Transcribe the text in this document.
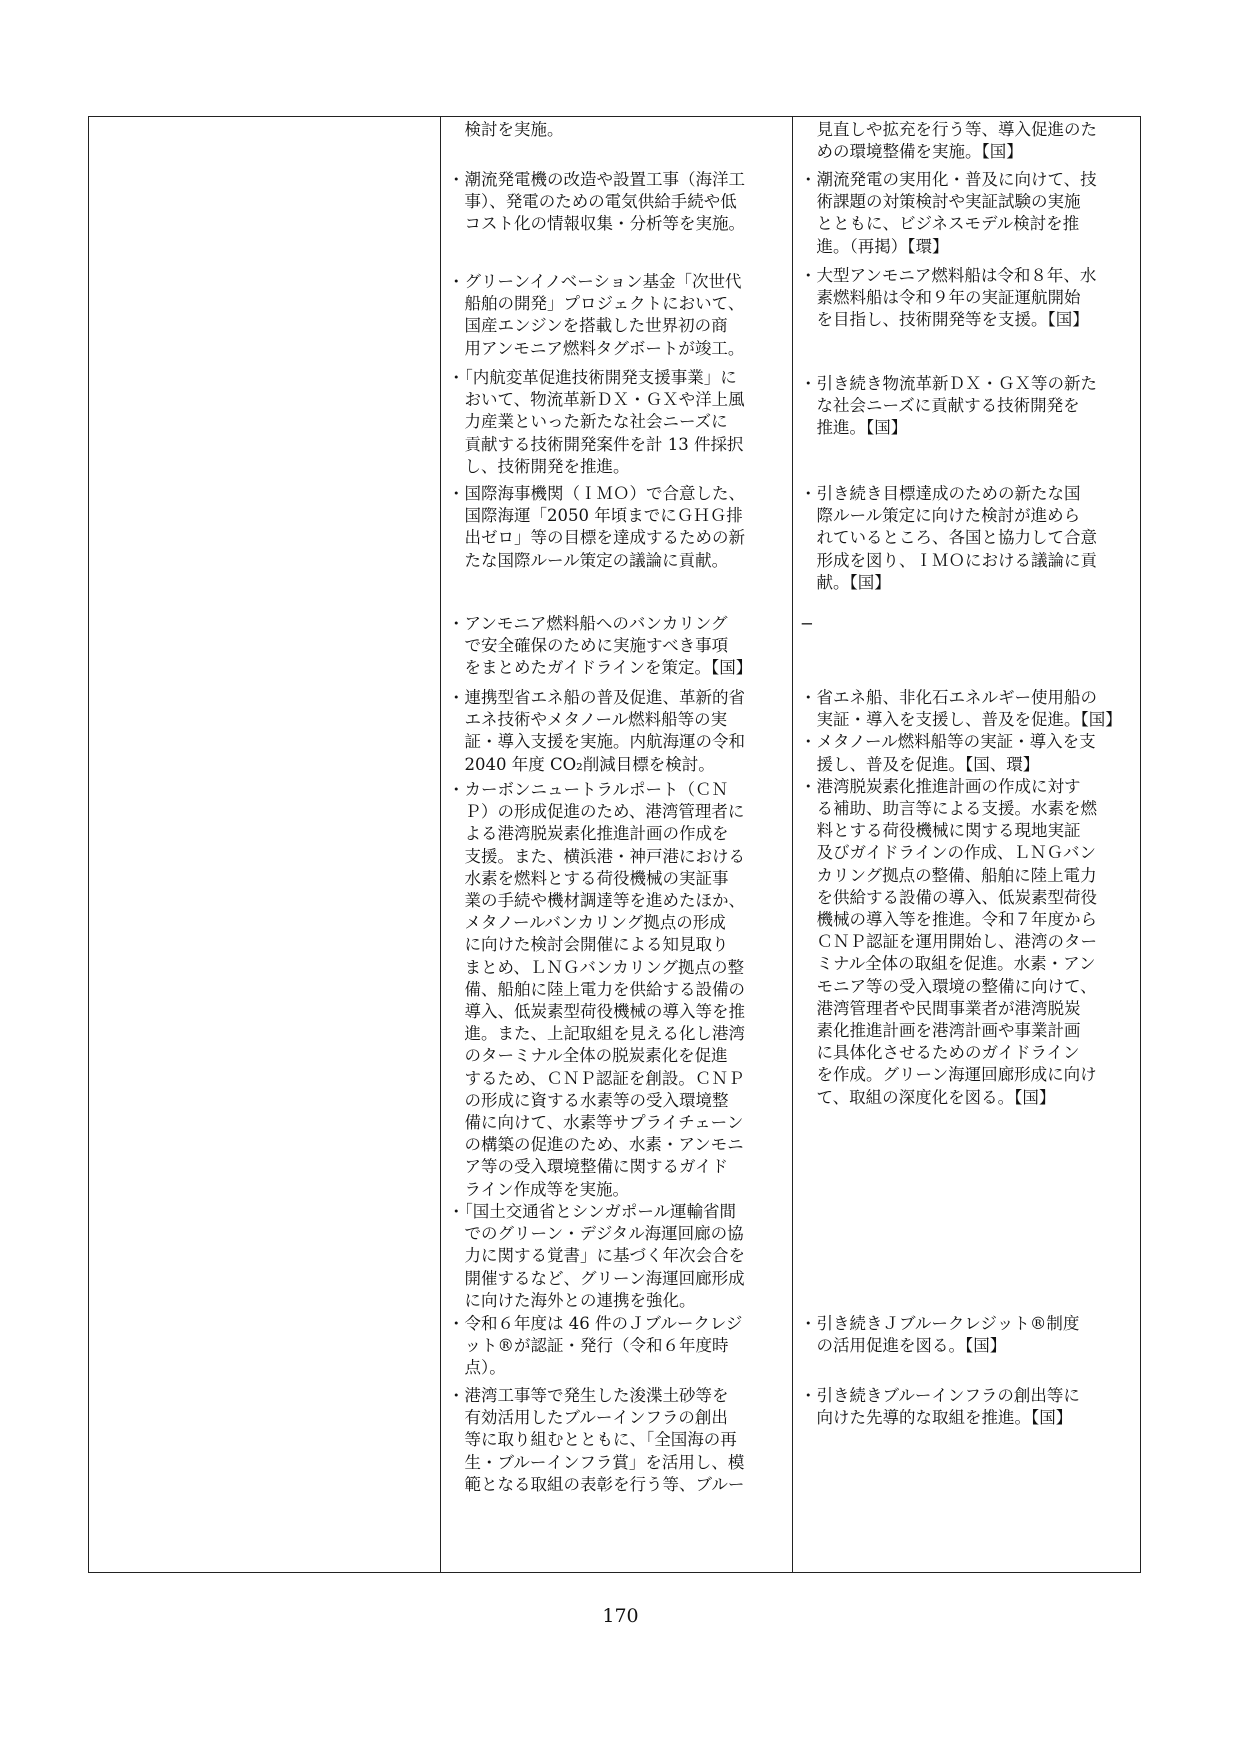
　検討を実施。
・潮流発電機の改造や設置工事（海洋工
　事）、発電のための電気供給手続や低
　コスト化の情報収集・分析等を実施。
・グリーンイノベーション基金「次世代
　船舶の開発」プロジェクトにおいて、
　国産エンジンを搭載した世界初の商
　用アンモニア燃料タグボートが竣工。
・「内航変革促進技術開発支援事業」に
　おいて、物流革新ＤＸ・ＧＸや洋上風
　力産業といった新たな社会ニーズに
　貢献する技術開発案件を計 13 件採択
　し、技術開発を推進。
・国際海事機関（ＩＭＯ）で合意した、
　国際海運「2050 年頃までにＧＨＧ排
　出ゼロ」等の目標を達成するための新
　たな国際ルール策定の議論に貢献。
・アンモニア燃料船へのバンカリング
　で安全確保のために実施すべき事項
　をまとめたガイドラインを策定。【国】
・連携型省エネ船の普及促進、革新的省
　エネ技術やメタノール燃料船等の実
　証・導入支援を実施。内航海運の令和
　2040 年度 CO₂削減目標を検討。
・カーボンニュートラルポート（ＣＮ
　Ｐ）の形成促進のため、港湾管理者に
　よる港湾脱炭素化推進計画の作成を
　支援。また、横浜港・神戸港における
　水素を燃料とする荷役機械の実証事
　業の手続や機材調達等を進めたほか、
　メタノールバンカリング拠点の形成
　に向けた検討会開催による知見取り
　まとめ、ＬＮＧバンカリング拠点の整
　備、船舶に陸上電力を供給する設備の
　導入、低炭素型荷役機械の導入等を推
　進。また、上記取組を見える化し港湾
　のターミナル全体の脱炭素化を促進
　するため、ＣＮＰ認証を創設。ＣＮＰ
　の形成に資する水素等の受入環境整
　備に向けて、水素等サプライチェーン
　の構築の促進のため、水素・アンモニ
　ア等の受入環境整備に関するガイド
　ライン作成等を実施。
・「国土交通省とシンガポール運輸省間
　でのグリーン・デジタル海運回廊の協
　力に関する覚書」に基づく年次会合を
　開催するなど、グリーン海運回廊形成
　に向けた海外との連携を強化。
・令和６年度は 46 件のＪブルークレジ
　ット®が認証・発行（令和６年度時
　点）。
・港湾工事等で発生した浚渫土砂等を
　有効活用したブルーインフラの創出
　等に取り組むとともに、「全国海の再
　生・ブルーインフラ賞」を活用し、模
　範となる取組の表彰を行う等、ブルー
　見直しや拡充を行う等、導入促進のた
　めの環境整備を実施。【国】
・潮流発電の実用化・普及に向けて、技
　術課題の対策検討や実証試験の実施
　とともに、ビジネスモデル検討を推
　進。（再掲）【環】
・大型アンモニア燃料船は令和８年、水
　素燃料船は令和９年の実証運航開始
　を目指し、技術開発等を支援。【国】
・引き続き物流革新ＤＸ・ＧＸ等の新た
　な社会ニーズに貢献する技術開発を
　推進。【国】
・引き続き目標達成のための新たな国
　際ルール策定に向けた検討が進めら
　れているところ、各国と協力して合意
　形成を図り、ＩＭＯにおける議論に貢
　献。【国】
−
・省エネ船、非化石エネルギー使用船の
　実証・導入を支援し、普及を促進。【国】
・メタノール燃料船等の実証・導入を支
　援し、普及を促進。【国、環】
・港湾脱炭素化推進計画の作成に対す
　る補助、助言等による支援。水素を燃
　料とする荷役機械に関する現地実証
　及びガイドラインの作成、ＬＮＧバン
　カリング拠点の整備、船舶に陸上電力
　を供給する設備の導入、低炭素型荷役
　機械の導入等を推進。令和７年度から
　ＣＮＰ認証を運用開始し、港湾のター
　ミナル全体の取組を促進。水素・アン
　モニア等の受入環境の整備に向けて、
　港湾管理者や民間事業者が港湾脱炭
　素化推進計画を港湾計画や事業計画
　に具体化させるためのガイドライン
　を作成。グリーン海運回廊形成に向け
　て、取組の深度化を図る。【国】
・引き続きＪブルークレジット®制度
　の活用促進を図る。【国】
・引き続きブルーインフラの創出等に
　向けた先導的な取組を推進。【国】
170
